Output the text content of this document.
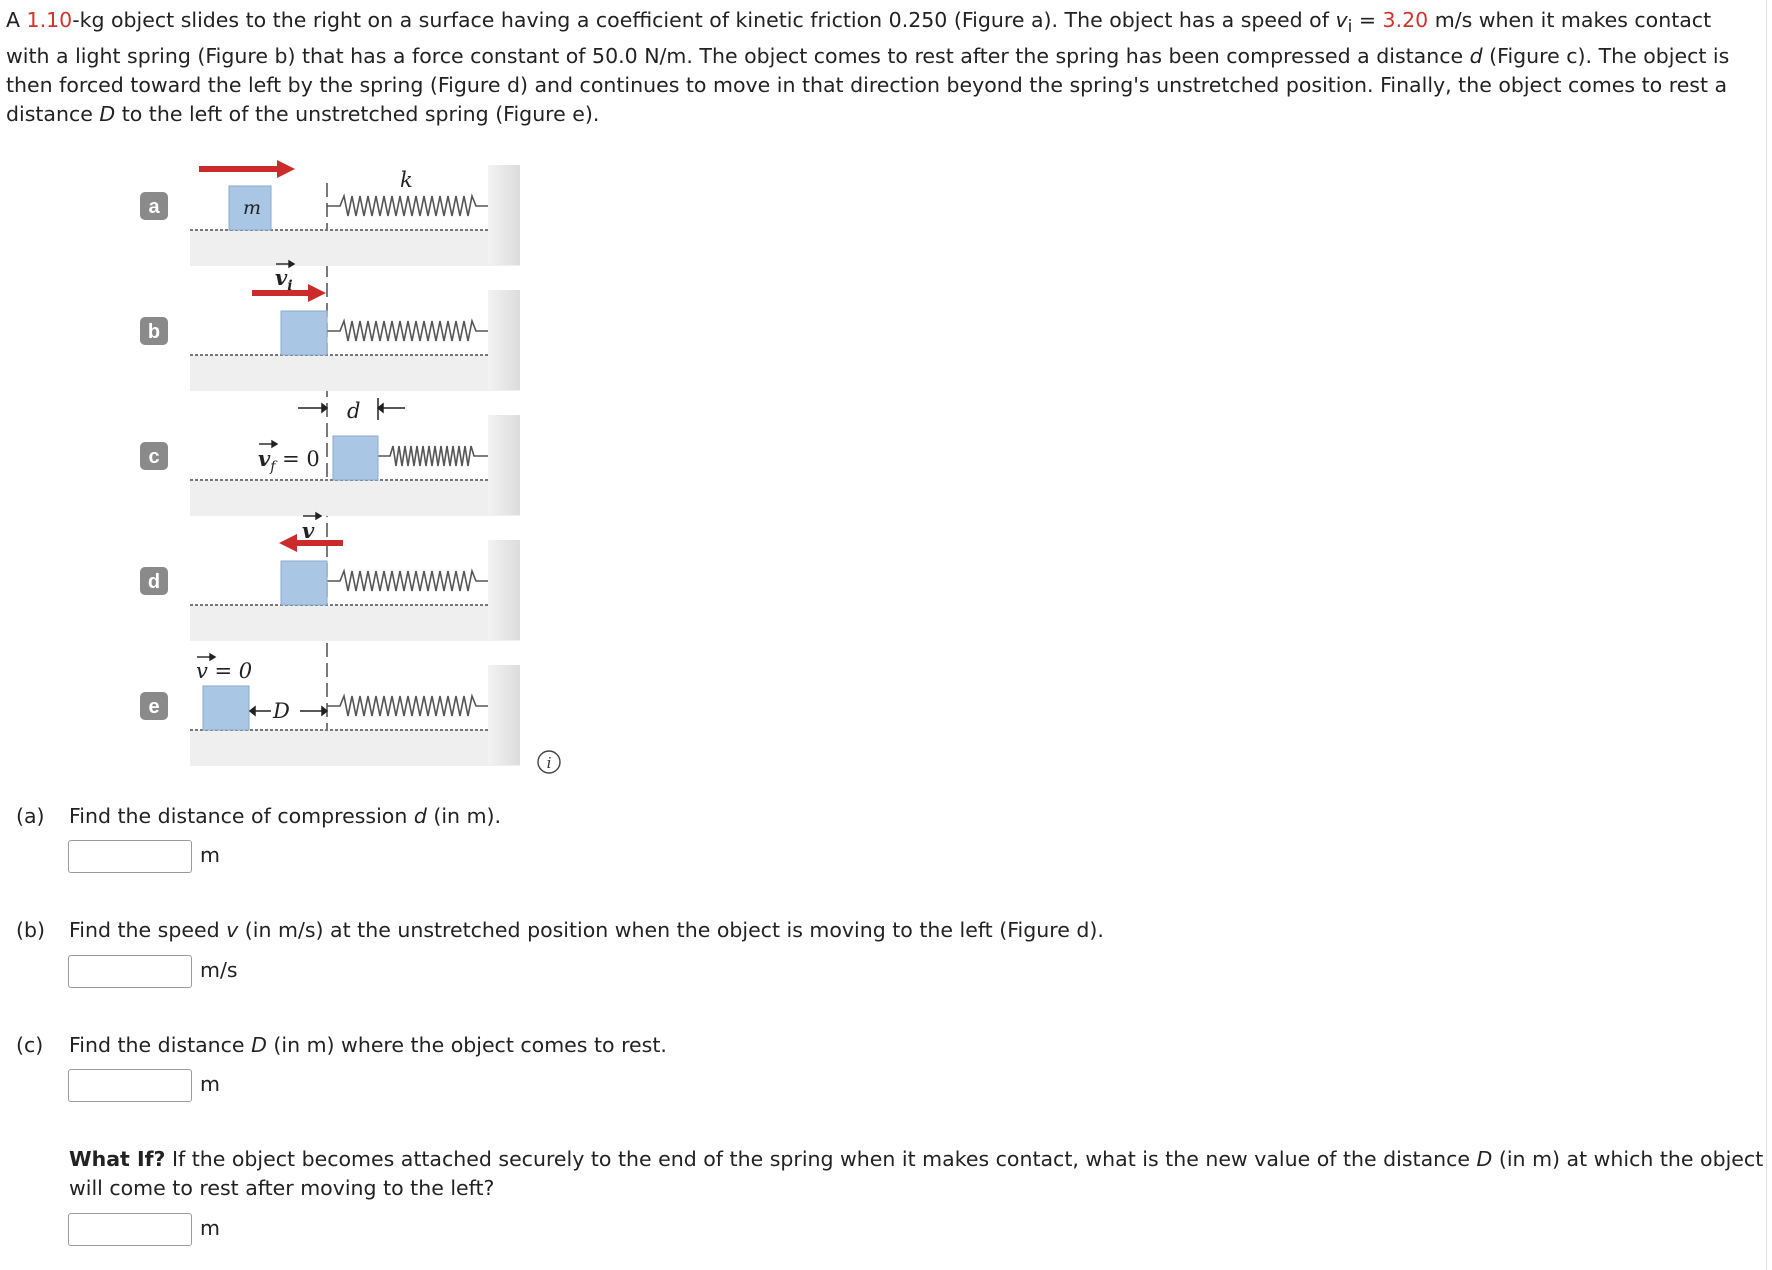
A 1.10-kg object slides to the right on a surface having a coefficient of kinetic friction 0.250 (Figure a). The object has a speed of $v_i = 3.20$ m/s when it makes contact with a light spring (Figure b) that has a force constant of 50.0 N/m. The object comes to rest after the spring has been compressed a distance d (Figure c). The object is then forced toward the left by the spring (Figure d) and continues to move in that direction beyond the spring's unstretched position. Finally, the object comes to rest a distance D to the left of the unstretched spring (Figure e).
a
b
c
d
e
k
m
$v_i$
d
$v_f = 0$
v
v = 0
D
i
(a) Find the distance of compression d (in m).
m
(b) Find the speed v (in m/s) at the unstretched position when the object is moving to the left (Figure d).
m/s
(c) Find the distance D (in m) where the object comes to rest.
m
What If? If the object becomes attached securely to the end of the spring when it makes contact, what is the new value of the distance D (in m) at which the object will come to rest after moving to the left?
m
